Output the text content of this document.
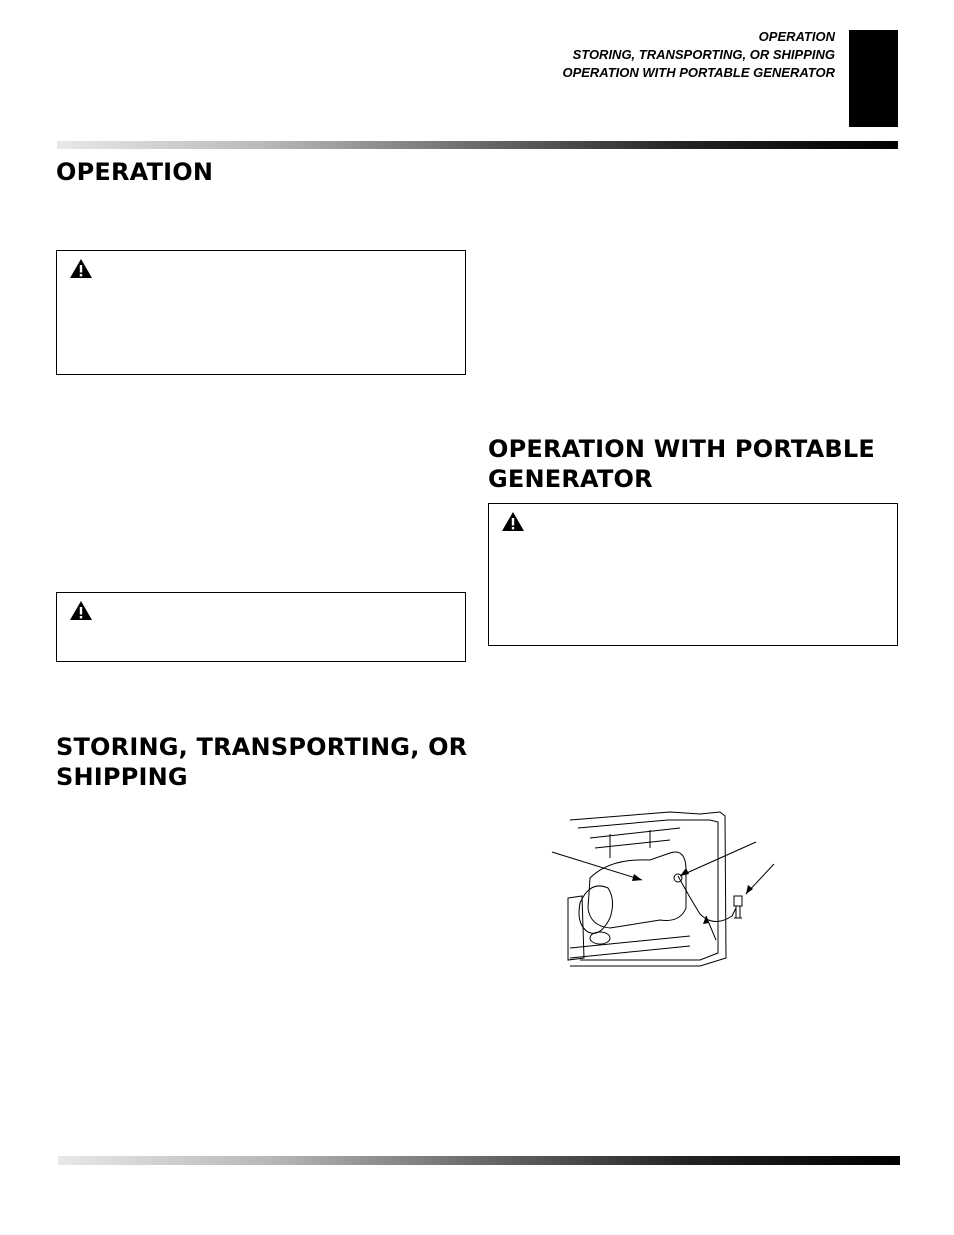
OPERATION
STORING, TRANSPORTING, OR SHIPPING
OPERATION WITH PORTABLE GENERATOR
OPERATION
STORING, TRANSPORTING, OR SHIPPING
OPERATION WITH PORTABLE GENERATOR
